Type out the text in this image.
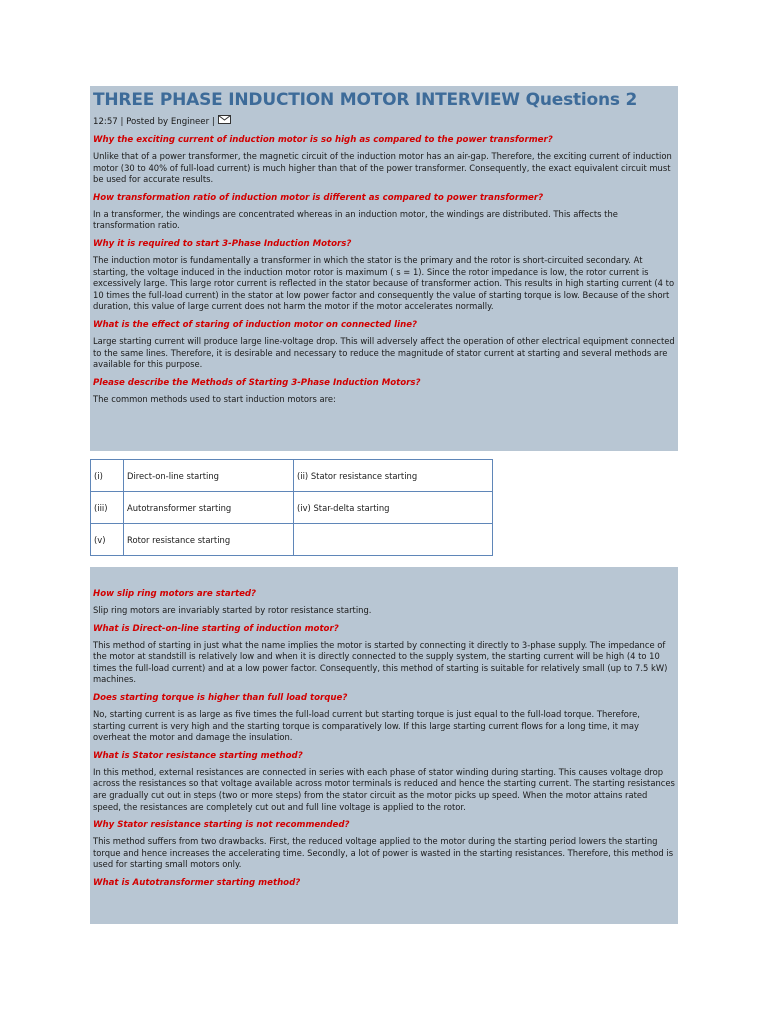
THREE PHASE INDUCTION MOTOR INTERVIEW Questions 2
12:57 | Posted by Engineer |
Why the exciting current of induction motor is so high as compared to the power transformer?
Unlike that of a power transformer, the magnetic circuit of the induction motor has an air-gap. Therefore, the exciting current of induction motor (30 to 40% of full-load current) is much higher than that of the power transformer. Consequently, the exact equivalent circuit must be used for accurate results.
How transformation ratio of induction motor is different as compared to power transformer?
In a transformer, the windings are concentrated whereas in an induction motor, the windings are distributed. This affects the transformation ratio.
Why it is required to start 3-Phase Induction Motors?
The induction motor is fundamentally a transformer in which the stator is the primary and the rotor is short-circuited secondary. At starting, the voltage induced in the induction motor rotor is maximum ( s = 1). Since the rotor impedance is low, the rotor current is excessively large. This large rotor current is reflected in the stator because of transformer action. This results in high starting current (4 to 10 times the full-load current) in the stator at low power factor and consequently the value of starting torque is low. Because of the short duration, this value of large current does not harm the motor if the motor accelerates normally.
What is the effect of staring of induction motor on connected line?
Large starting current will produce large line-voltage drop. This will adversely affect the operation of other electrical equipment connected to the same lines. Therefore, it is desirable and necessary to reduce the magnitude of stator current at starting and several methods are available for this purpose.
Please describe the Methods of Starting 3-Phase Induction Motors?
The common methods used to start induction motors are:
(i)	Direct-on-line starting	(ii) Stator resistance starting
(iii)	Autotransformer starting	(iv) Star-delta starting
(v)	Rotor resistance starting	
How slip ring motors are started?
Slip ring motors are invariably started by rotor resistance starting.
What is Direct-on-line starting of induction motor?
This method of starting in just what the name implies the motor is started by connecting it directly to 3-phase supply. The impedance of the motor at standstill is relatively low and when it is directly connected to the supply system, the starting current will be high (4 to 10 times the full-load current) and at a low power factor. Consequently, this method of starting is suitable for relatively small (up to 7.5 kW) machines.
Does starting torque is higher than full load torque?
No, starting current is as large as five times the full-load current but starting torque is just equal to the full-load torque. Therefore, starting current is very high and the starting torque is comparatively low. If this large starting current flows for a long time, it may overheat the motor and damage the insulation.
What is Stator resistance starting method?
In this method, external resistances are connected in series with each phase of stator winding during starting. This causes voltage drop across the resistances so that voltage available across motor terminals is reduced and hence the starting current. The starting resistances are gradually cut out in steps (two or more steps) from the stator circuit as the motor picks up speed. When the motor attains rated speed, the resistances are completely cut out and full line voltage is applied to the rotor.
Why Stator resistance starting is not recommended?
This method suffers from two drawbacks. First, the reduced voltage applied to the motor during the starting period lowers the starting torque and hence increases the accelerating time. Secondly, a lot of power is wasted in the starting resistances. Therefore, this method is used for starting small motors only.
What is Autotransformer starting method?
